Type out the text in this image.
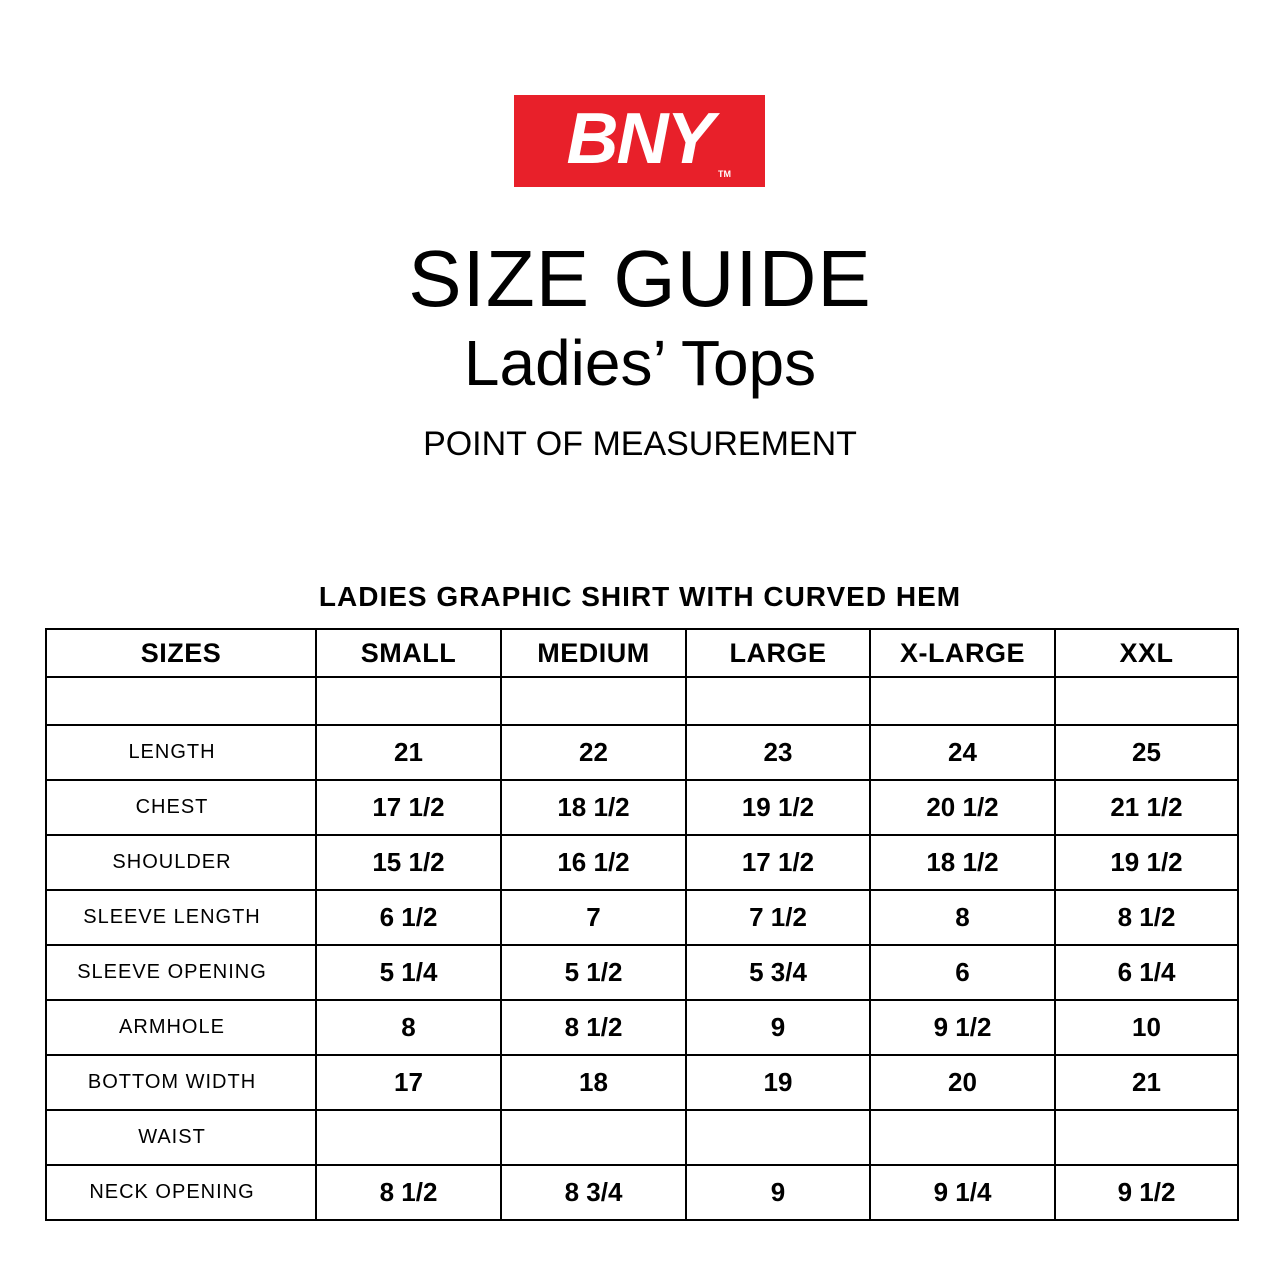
BNY TM
SIZE GUIDE
Ladies’ Tops
POINT OF MEASUREMENT
LADIES GRAPHIC SHIRT WITH CURVED HEM
SIZES	SMALL	MEDIUM	LARGE	X-LARGE	XXL

LENGTH	21	22	23	24	25
CHEST	17 1/2	18 1/2	19 1/2	20 1/2	21 1/2
SHOULDER	15 1/2	16 1/2	17 1/2	18 1/2	19 1/2
SLEEVE LENGTH	6 1/2	7	7 1/2	8	8 1/2
SLEEVE OPENING	5 1/4	5 1/2	5 3/4	6	6 1/4
ARMHOLE	8	8 1/2	9	9 1/2	10
BOTTOM WIDTH	17	18	19	20	21
WAIST					
NECK OPENING	8 1/2	8 3/4	9	9 1/4	9 1/2
